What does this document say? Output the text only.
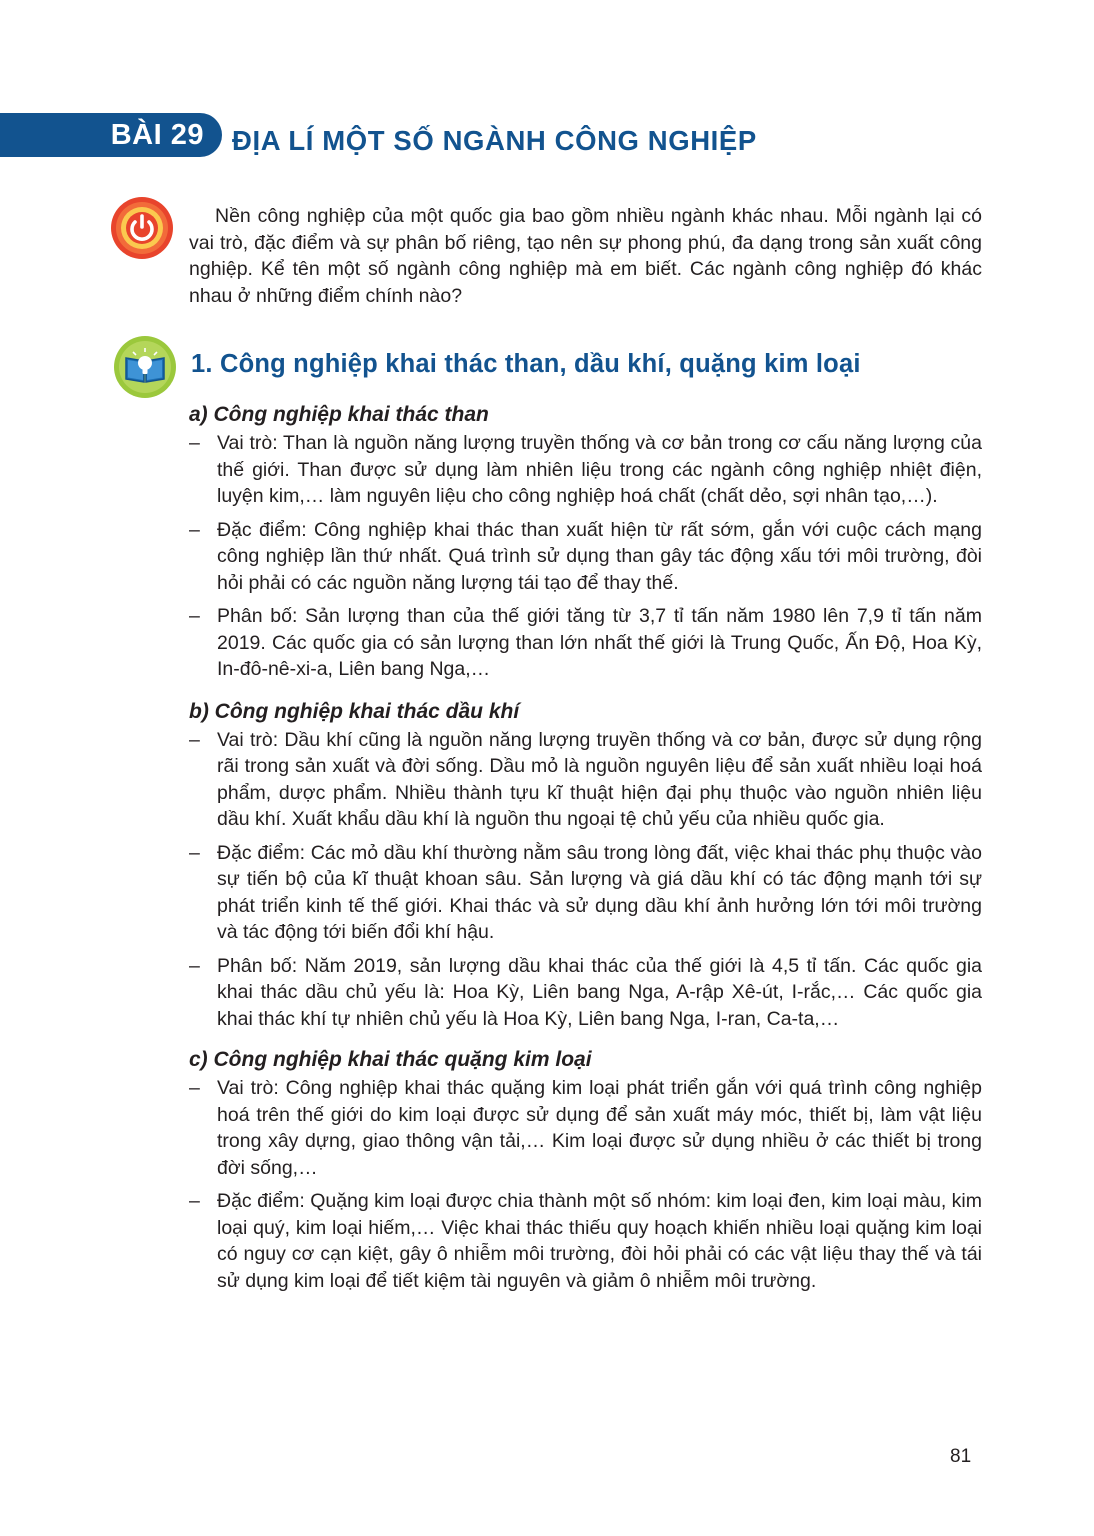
BÀI 29 ĐỊA LÍ MỘT SỐ NGÀNH CÔNG NGHIỆP

Nền công nghiệp của một quốc gia bao gồm nhiều ngành khác nhau. Mỗi ngành lại có vai trò, đặc điểm và sự phân bố riêng, tạo nên sự phong phú, đa dạng trong sản xuất công nghiệp. Kể tên một số ngành công nghiệp mà em biết. Các ngành công nghiệp đó khác nhau ở những điểm chính nào?

1. Công nghiệp khai thác than, dầu khí, quặng kim loại
a) Công nghiệp khai thác than
– Vai trò: Than là nguồn năng lượng truyền thống và cơ bản trong cơ cấu năng lượng của thế giới. Than được sử dụng làm nhiên liệu trong các ngành công nghiệp nhiệt điện, luyện kim,… làm nguyên liệu cho công nghiệp hoá chất (chất dẻo, sợi nhân tạo,…).
– Đặc điểm: Công nghiệp khai thác than xuất hiện từ rất sớm, gắn với cuộc cách mạng công nghiệp lần thứ nhất. Quá trình sử dụng than gây tác động xấu tới môi trường, đòi hỏi phải có các nguồn năng lượng tái tạo để thay thế.
– Phân bố: Sản lượng than của thế giới tăng từ 3,7 tỉ tấn năm 1980 lên 7,9 tỉ tấn năm 2019. Các quốc gia có sản lượng than lớn nhất thế giới là Trung Quốc, Ấn Độ, Hoa Kỳ, In-đô-nê-xi-a, Liên bang Nga,…
b) Công nghiệp khai thác dầu khí
– Vai trò: Dầu khí cũng là nguồn năng lượng truyền thống và cơ bản, được sử dụng rộng rãi trong sản xuất và đời sống. Dầu mỏ là nguồn nguyên liệu để sản xuất nhiều loại hoá phẩm, dược phẩm. Nhiều thành tựu kĩ thuật hiện đại phụ thuộc vào nguồn nhiên liệu dầu khí. Xuất khẩu dầu khí là nguồn thu ngoại tệ chủ yếu của nhiều quốc gia.
– Đặc điểm: Các mỏ dầu khí thường nằm sâu trong lòng đất, việc khai thác phụ thuộc vào sự tiến bộ của kĩ thuật khoan sâu. Sản lượng và giá dầu khí có tác động mạnh tới sự phát triển kinh tế thế giới. Khai thác và sử dụng dầu khí ảnh hưởng lớn tới môi trường và tác động tới biến đổi khí hậu.
– Phân bố: Năm 2019, sản lượng dầu khai thác của thế giới là 4,5 tỉ tấn. Các quốc gia khai thác dầu chủ yếu là: Hoa Kỳ, Liên bang Nga, A-rập Xê-út, I-rắc,… Các quốc gia khai thác khí tự nhiên chủ yếu là Hoa Kỳ, Liên bang Nga, I-ran, Ca-ta,…
c) Công nghiệp khai thác quặng kim loại
– Vai trò: Công nghiệp khai thác quặng kim loại phát triển gắn với quá trình công nghiệp hoá trên thế giới do kim loại được sử dụng để sản xuất máy móc, thiết bị, làm vật liệu trong xây dựng, giao thông vận tải,… Kim loại được sử dụng nhiều ở các thiết bị trong đời sống,…
– Đặc điểm: Quặng kim loại được chia thành một số nhóm: kim loại đen, kim loại màu, kim loại quý, kim loại hiếm,… Việc khai thác thiếu quy hoạch khiến nhiều loại quặng kim loại có nguy cơ cạn kiệt, gây ô nhiễm môi trường, đòi hỏi phải có các vật liệu thay thế và tái sử dụng kim loại để tiết kiệm tài nguyên và giảm ô nhiễm môi trường.
81
